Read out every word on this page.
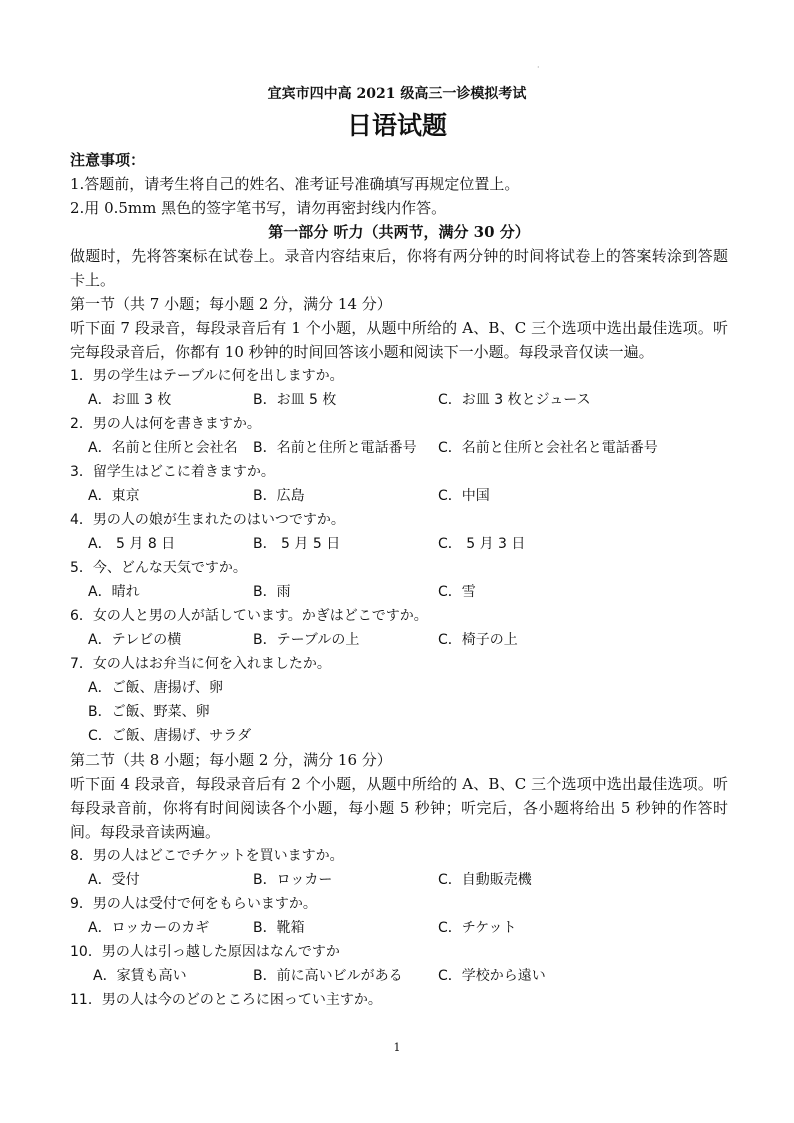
·
宜宾市四中高 2021 级高三一诊模拟考试
日语试题
注意事项：
1.答题前，请考生将自己的姓名、准考证号准确填写再规定位置上。
2.用 0.5mm 黑色的签字笔书写，请勿再密封线内作答。
第一部分 听力（共两节，满分 30 分）
做题时，先将答案标在试卷上。录音内容结束后，你将有两分钟的时间将试卷上的答案转涂到答题卡上。
第一节（共 7 小题；每小题 2 分，满分 14 分）
听下面 7 段录音，每段录音后有 1 个小题，从题中所给的 A、B、C 三个选项中选出最佳选项。听完每段录音后，你都有 10 秒钟的时间回答该小题和阅读下一小题。每段录音仅读一遍。
1．男の学生はテーブルに何を出しますか。
A．お皿 3 枚	B．お皿 5 枚	C．お皿 3 枚とジュース
2．男の人は何を書きますか。
A．名前と住所と会社名	B．名前と住所と電話番号	C．名前と住所と会社名と電話番号
3．留学生はどこに着きますか。
A．東京	B．広島	C．中国
4．男の人の娘が生まれたのはいつですか。
A． 5 月 8 日	B． 5 月 5 日	C． 5 月 3 日
5．今、どんな天気ですか。
A．晴れ	B．雨	C．雪
6．女の人と男の人が話しています。かぎはどこですか。
A．テレビの横	B．テーブルの上	C．椅子の上
7．女の人はお弁当に何を入れましたか。
A．ご飯、唐揚げ、卵
B．ご飯、野菜、卵
C．ご飯、唐揚げ、サラダ
第二节（共 8 小题；每小题 2 分，满分 16 分）
听下面 4 段录音，每段录音后有 2 个小题，从题中所给的 A、B、C 三个选项中选出最佳选项。听每段录音前，你将有时间阅读各个小题，每小题 5 秒钟；听完后，各小题将给出 5 秒钟的作答时间。每段录音读两遍。
8．男の人はどこでチケットを買いますか。
A．受付	B．ロッカー	C．自動販売機
9．男の人は受付で何をもらいますか。
A．ロッカーのカギ	B．靴箱	C．チケット
10．男の人は引っ越した原因はなんですか
A．家賃も高い	B．前に高いビルがある	C．学校から遠い
11．男の人は今のどのところに困ってい主すか。
1
